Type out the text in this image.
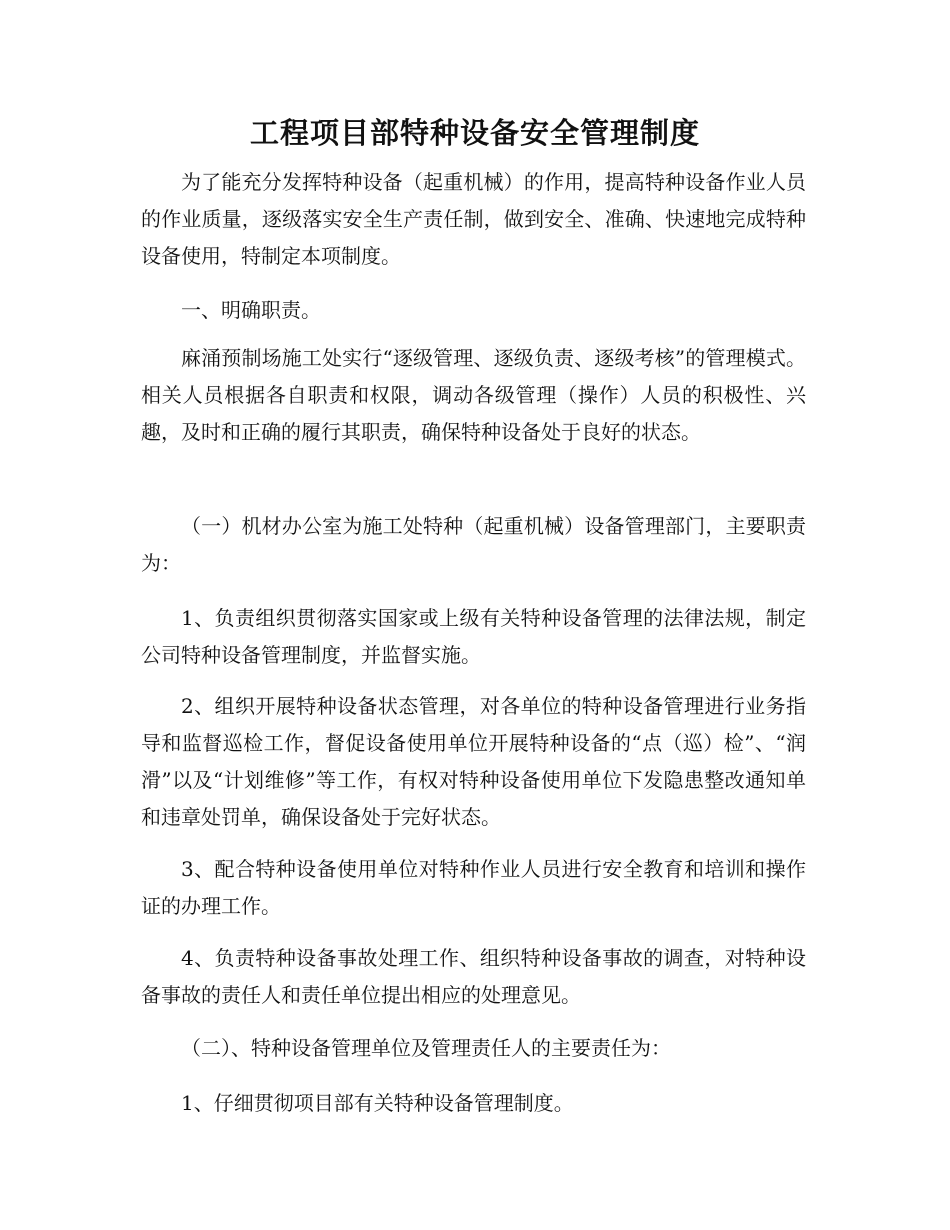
工程项目部特种设备安全管理制度

为了能充分发挥特种设备（起重机械）的作用，提高特种设备作业人员的作业质量，逐级落实安全生产责任制，做到安全、准确、快速地完成特种设备使用，特制定本项制度。

一、明确职责。

麻涌预制场施工处实行“逐级管理、逐级负责、逐级考核”的管理模式。相关人员根据各自职责和权限，调动各级管理（操作）人员的积极性、兴趣，及时和正确的履行其职责，确保特种设备处于良好的状态。

（一）机材办公室为施工处特种（起重机械）设备管理部门，主要职责为：

1、负责组织贯彻落实国家或上级有关特种设备管理的法律法规，制定公司特种设备管理制度，并监督实施。

2、组织开展特种设备状态管理，对各单位的特种设备管理进行业务指导和监督巡检工作，督促设备使用单位开展特种设备的“点（巡）检”、“润滑”以及“计划维修”等工作，有权对特种设备使用单位下发隐患整改通知单和违章处罚单，确保设备处于完好状态。

3、配合特种设备使用单位对特种作业人员进行安全教育和培训和操作证的办理工作。

4、负责特种设备事故处理工作、组织特种设备事故的调查，对特种设备事故的责任人和责任单位提出相应的处理意见。

（二）、特种设备管理单位及管理责任人的主要责任为：

1、仔细贯彻项目部有关特种设备管理制度。
